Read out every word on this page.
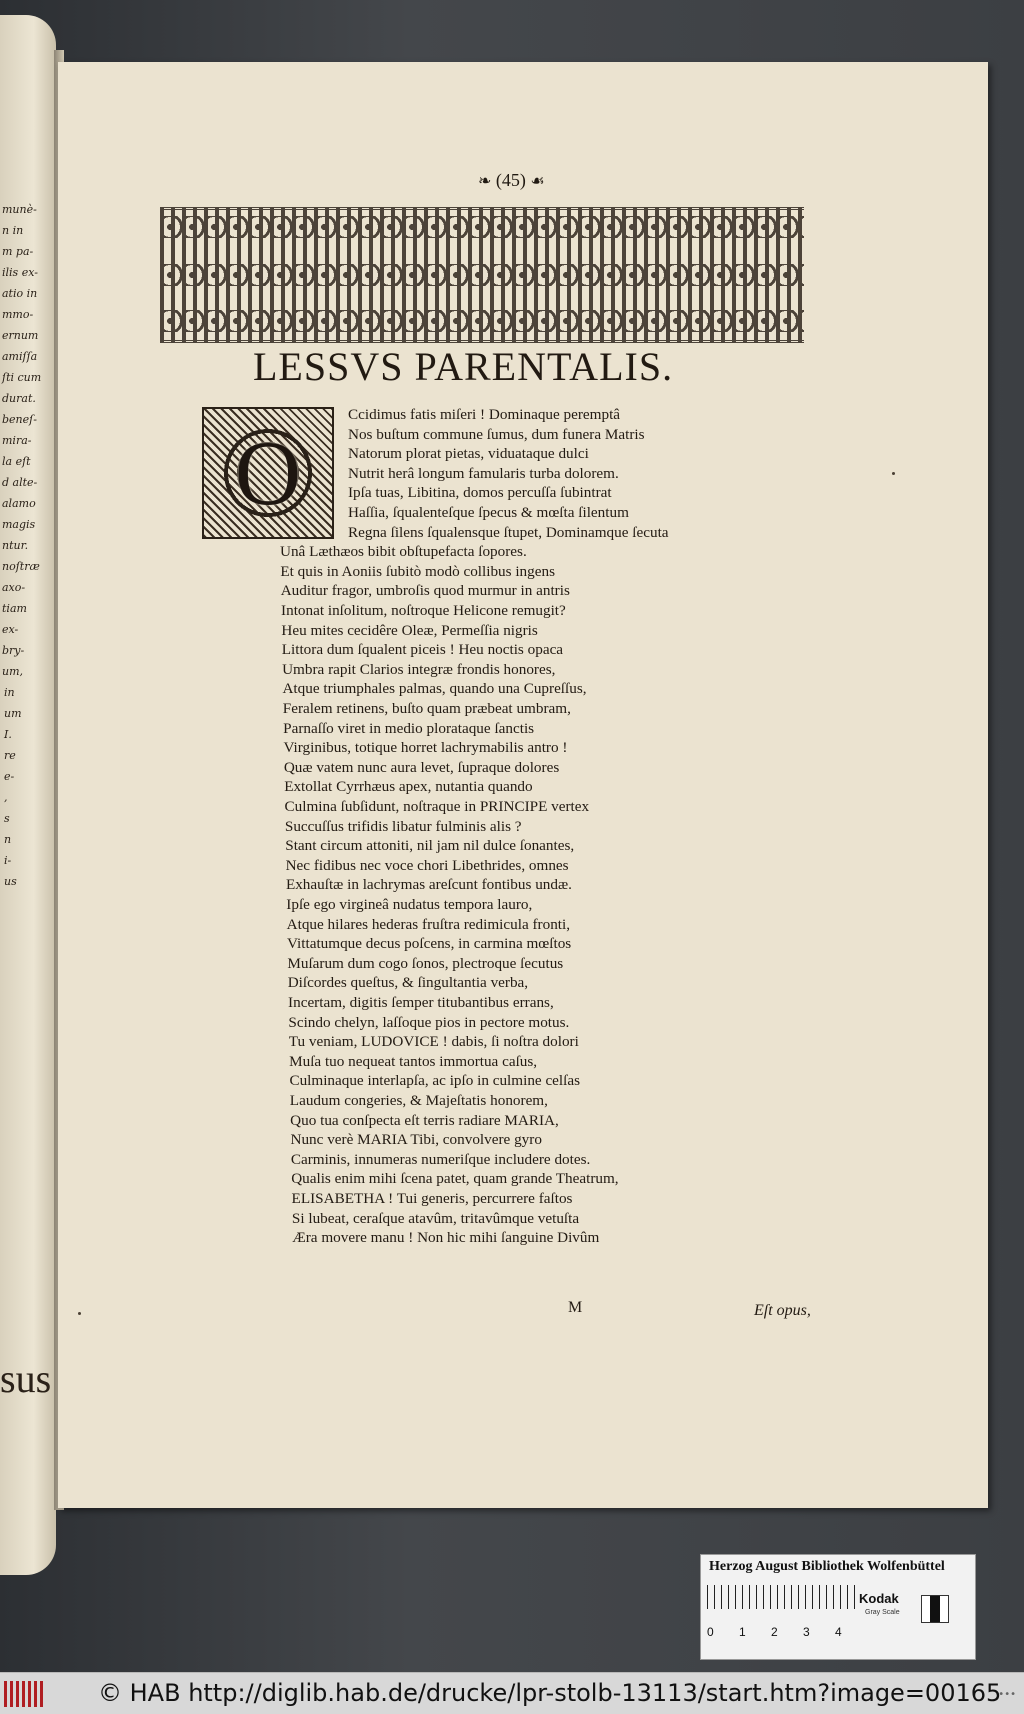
sus
munè-
n in
m pa-
ilis ex-
atio in
mmo-
ernum
amiſſa
ſti cum
durat.
beneſ-
mira-
la eſt
d alte-
alamo
magis
ntur.
noſtræ
axo-
tiam
ex-
bry-
um,
in
um
I.
re
e-
,
s
n
i-
us
❧ (45) ☙
LESSVS PARENTALIS.
O
Ccidimus fatis miſeri ! Dominaque peremptâ
Nos buſtum commune ſumus, dum funera Matris
Natorum plorat pietas, viduataque dulci
Nutrit herâ longum famularis turba dolorem.
Ipſa tuas, Libitina, domos percuſſa ſubintrat
Haſſia, ſqualenteſque ſpecus & mœſta ſilentum
Regna ſilens ſqualensque ſtupet, Dominamque ſecuta
Unâ Læthæos bibit obſtupefacta ſopores.
Et quis in Aoniis ſubitò modò collibus ingens
Auditur fragor, umbroſis quod murmur in antris
Intonat inſolitum, noſtroque Helicone remugit?
Heu mites cecidêre Oleæ, Permeſſia nigris
Littora dum ſqualent piceis ! Heu noctis opaca
Umbra rapit Clarios integræ frondis honores,
Atque triumphales palmas, quando una Cupreſſus,
Feralem retinens, buſto quam præbeat umbram,
Parnaſſo viret in medio plorataque ſanctis
Virginibus, totique horret lachrymabilis antro !
Quæ vatem nunc aura levet, ſupraque dolores
Extollat Cyrrhæus apex, nutantia quando
Culmina ſubſidunt, noſtraque in PRINCIPE vertex
Succuſſus trifidis libatur fulminis alis ?
Stant circum attoniti, nil jam nil dulce ſonantes,
Nec fidibus nec voce chori Libethrides, omnes
Exhauſtæ in lachrymas areſcunt fontibus undæ.
Ipſe ego virgineâ nudatus tempora lauro,
Atque hilares hederas fruſtra redimicula fronti,
Vittatumque decus poſcens, in carmina mœſtos
Muſarum dum cogo ſonos, plectroque ſecutus
Diſcordes queſtus, & ſingultantia verba,
Incertam, digitis ſemper titubantibus errans,
Scindo chelyn, laſſoque pios in pectore motus.
Tu veniam, LUDOVICE ! dabis, ſi noſtra dolori
Muſa tuo nequeat tantos immortua caſus,
Culminaque interlapſa, ac ipſo in culmine celſas
Laudum congeries, & Majeſtatis honorem,
Quo tua conſpecta eſt terris radiare MARIA,
Nunc verè MARIA Tibi, convolvere gyro
Carminis, innumeras numeriſque includere dotes.
Qualis enim mihi ſcena patet, quam grande Theatrum,
ELISABETHA ! Tui generis, percurrere faſtos
Si lubeat, ceraſque atavûm, tritavûmque vetuſta
Æra movere manu ! Non hic mihi ſanguine Divûm
M	Eſt opus,
Herzog August Bibliothek Wolfenbüttel
0 1 2 3 4
Kodak
Gray Scale
© HAB http://diglib.hab.de/drucke/lpr-stolb-13113/start.htm?image=00165
•••
